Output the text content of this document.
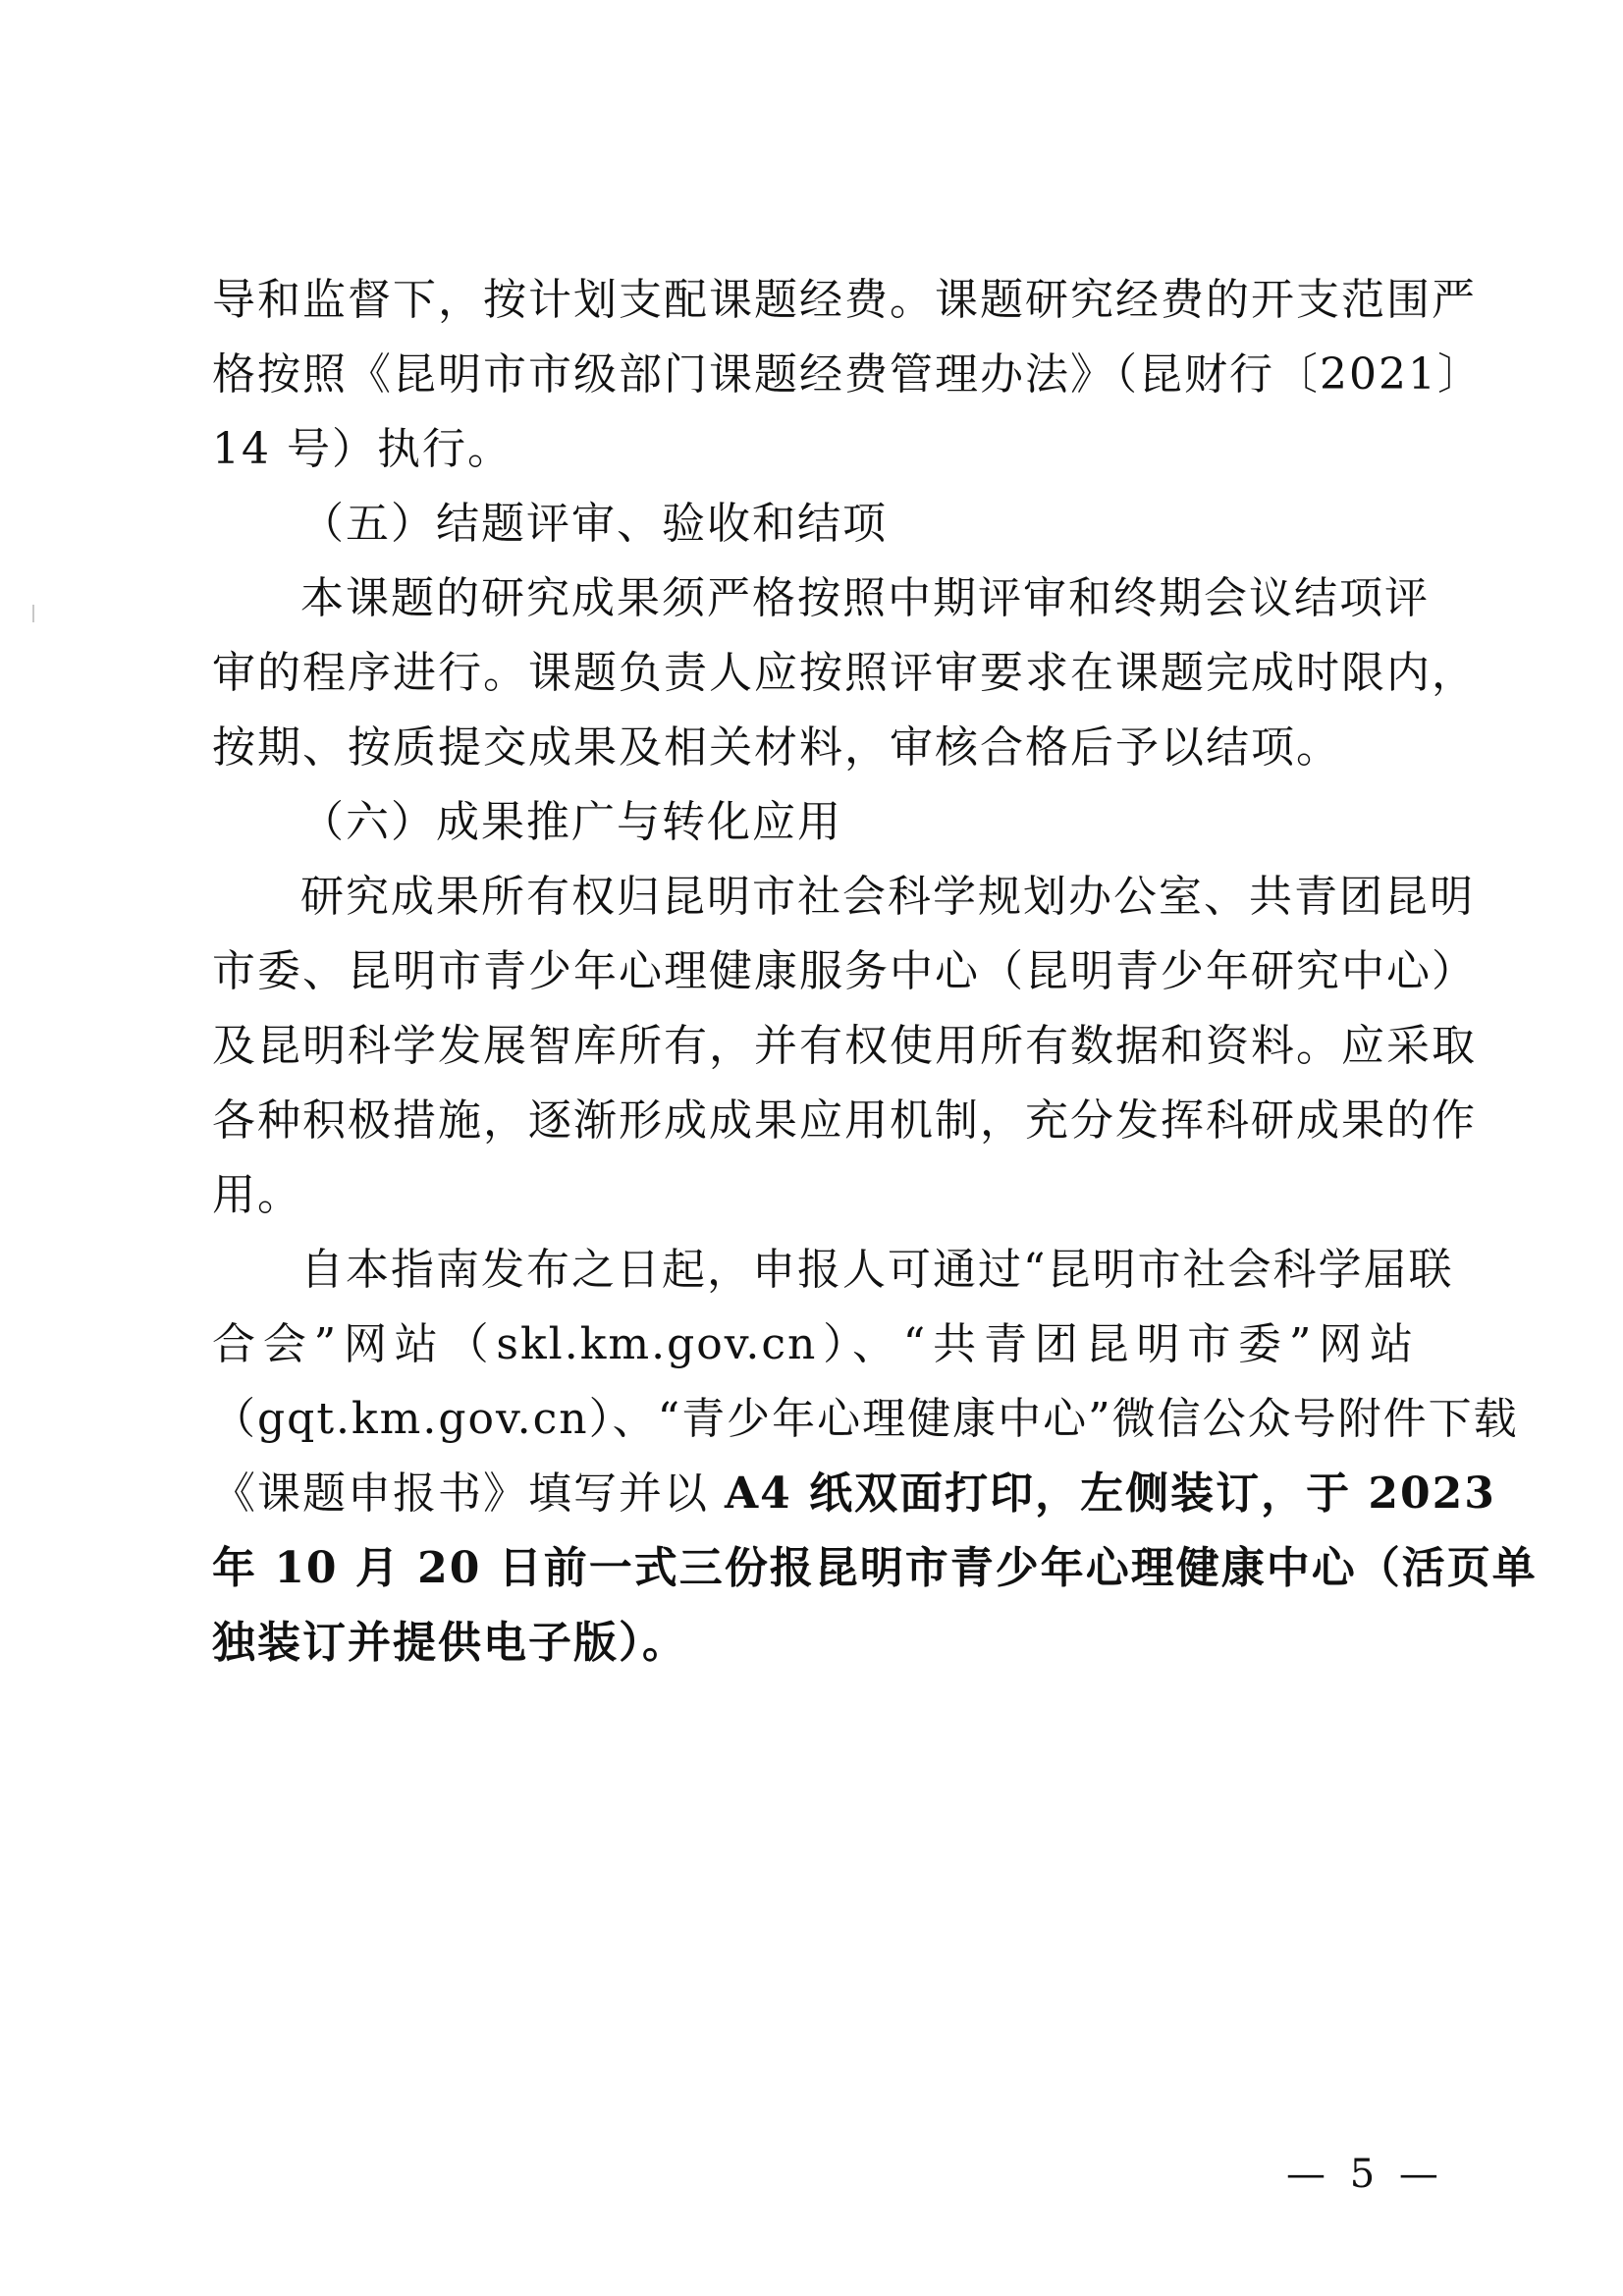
导和监督下，按计划支配课题经费。课题研究经费的开支范围严
格按照《昆明市市级部门课题经费管理办法》（昆财行〔2021〕
14 号）执行。
（五）结题评审、验收和结项
本课题的研究成果须严格按照中期评审和终期会议结项评
审的程序进行。课题负责人应按照评审要求在课题完成时限内，
按期、按质提交成果及相关材料，审核合格后予以结项。
（六）成果推广与转化应用
研究成果所有权归昆明市社会科学规划办公室、共青团昆明
市委、昆明市青少年心理健康服务中心（昆明青少年研究中心）
及昆明科学发展智库所有，并有权使用所有数据和资料。应采取
各种积极措施，逐渐形成成果应用机制，充分发挥科研成果的作
用。
自本指南发布之日起，申报人可通过“昆明市社会科学届联
合会”网站（skl.km.gov.cn）、“共青团昆明市委”网站
（gqt.km.gov.cn）、“青少年心理健康中心”微信公众号附件下载
《课题申报书》填写并以 A4 纸双面打印，左侧装订，于 2023
年 10 月 20 日前一式三份报昆明市青少年心理健康中心（活页单
独装订并提供电子版）。
— 5 —
